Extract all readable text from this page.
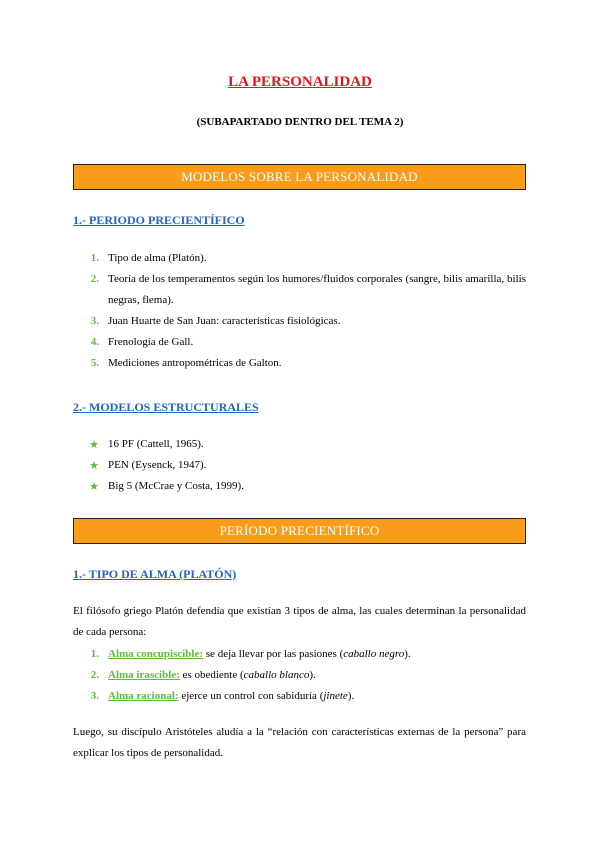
LA PERSONALIDAD
(SUBAPARTADO DENTRO DEL TEMA 2)
MODELOS SOBRE LA PERSONALIDAD
1.- PERIODO PRECIENTÍFICO
1. Tipo de alma (Platón).
2. Teoría de los temperamentos según los humores/fluidos corporales (sangre, bilis amarilla, bilis negras, flema).
3. Juan Huarte de San Juan: características fisiológicas.
4. Frenología de Gall.
5. Mediciones antropométricas de Galton.
2.- MODELOS ESTRUCTURALES
★ 16 PF (Cattell, 1965).
★ PEN (Eysenck, 1947).
★ Big 5 (McCrae y Costa, 1999).
PERÍODO PRECIENTÍFICO
1.- TIPO DE ALMA (PLATÓN)
El filósofo griego Platón defendía que existían 3 tipos de alma, las cuales determinan la personalidad de cada persona:
1. Alma concupiscible: se deja llevar por las pasiones (caballo negro).
2. Alma irascible: es obediente (caballo blanco).
3. Alma racional: ejerce un control con sabiduría (jinete).
Luego, su discípulo Aristóteles aludía a la “relación con características externas de la persona” para explicar los tipos de personalidad.
